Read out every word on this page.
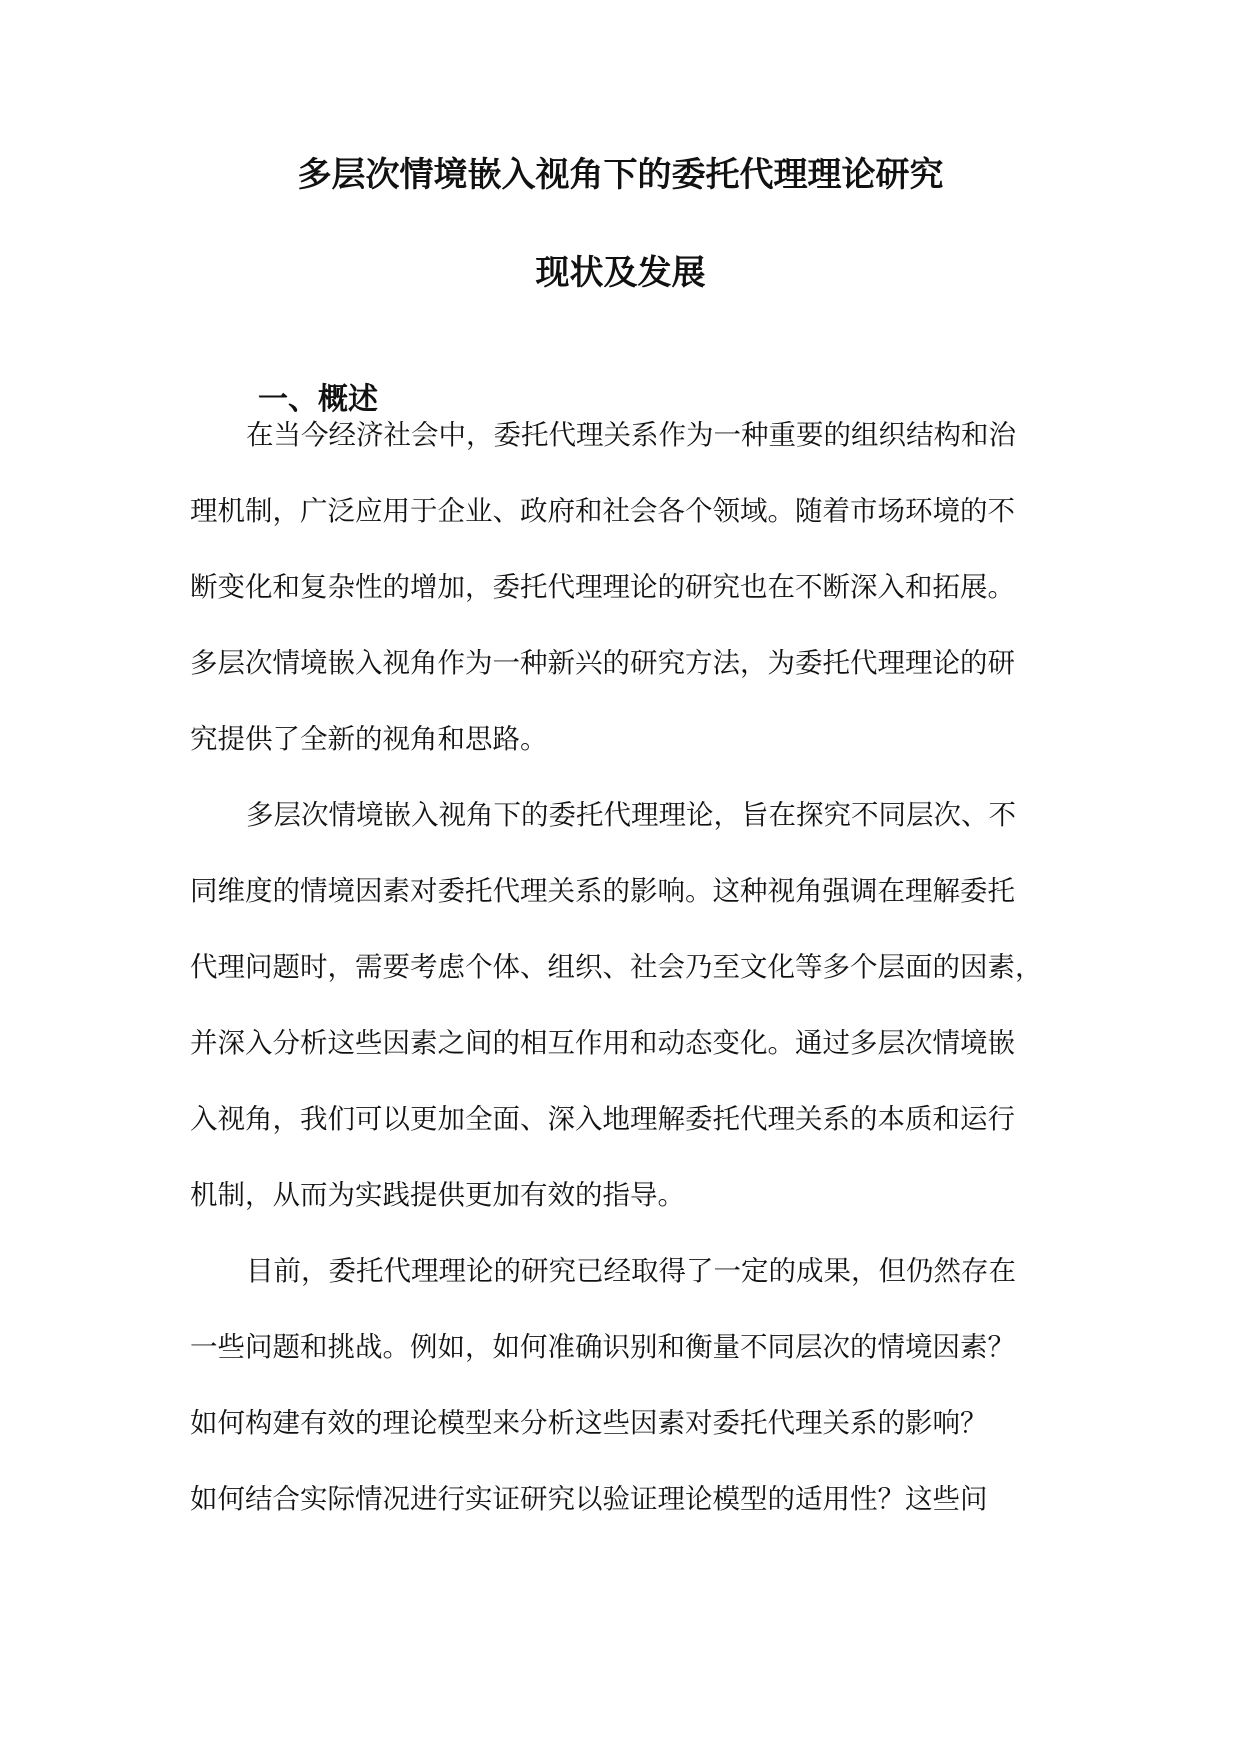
多层次情境嵌入视角下的委托代理理论研究
现状及发展
一、概述
在当今经济社会中，委托代理关系作为一种重要的组织结构和治
理机制，广泛应用于企业、政府和社会各个领域。随着市场环境的不
断变化和复杂性的增加，委托代理理论的研究也在不断深入和拓展。
多层次情境嵌入视角作为一种新兴的研究方法，为委托代理理论的研
究提供了全新的视角和思路。
多层次情境嵌入视角下的委托代理理论，旨在探究不同层次、不
同维度的情境因素对委托代理关系的影响。这种视角强调在理解委托
代理问题时，需要考虑个体、组织、社会乃至文化等多个层面的因素，
并深入分析这些因素之间的相互作用和动态变化。通过多层次情境嵌
入视角，我们可以更加全面、深入地理解委托代理关系的本质和运行
机制，从而为实践提供更加有效的指导。
目前，委托代理理论的研究已经取得了一定的成果，但仍然存在
一些问题和挑战。例如，如何准确识别和衡量不同层次的情境因素？
如何构建有效的理论模型来分析这些因素对委托代理关系的影响？
如何结合实际情况进行实证研究以验证理论模型的适用性？这些问
